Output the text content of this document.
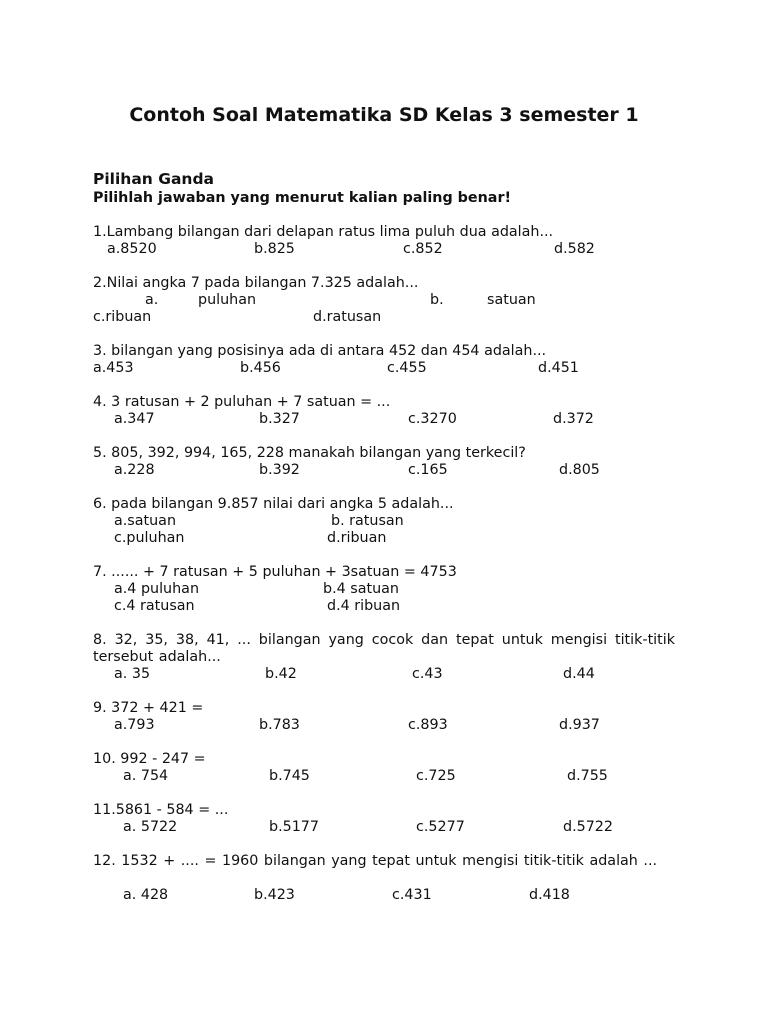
Contoh Soal Matematika SD Kelas 3 semester 1
Pilihan Ganda
Pilihlah jawaban yang menurut kalian paling benar!
1.Lambang bilangan dari delapan ratus lima puluh dua adalah...
a.8520	b.825	c.852	d.582
2.Nilai angka 7 pada bilangan 7.325 adalah...
a.	puluhan	b.	satuan
c.ribuan	d.ratusan
3. bilangan yang posisinya ada di antara 452 dan 454 adalah...
a.453	b.456	c.455	d.451
4. 3 ratusan + 2 puluhan + 7 satuan = ...
a.347	b.327	c.3270	d.372
5. 805, 392, 994, 165, 228 manakah bilangan yang terkecil?
a.228	b.392	c.165	d.805
6. pada bilangan 9.857 nilai dari angka 5 adalah...
a.satuan	b. ratusan
c.puluhan	d.ribuan
7. ...... + 7 ratusan + 5 puluhan + 3satuan = 4753
a.4 puluhan	b.4 satuan
c.4 ratusan	d.4 ribuan
8. 32, 35, 38, 41, ... bilangan yang cocok dan tepat untuk mengisi titik-titik tersebut adalah...
a. 35	b.42	c.43	d.44
9. 372 + 421 =
a.793	b.783	c.893	d.937
10. 992 - 247 =
a. 754	b.745	c.725	d.755
11.5861 - 584 = ...
a. 5722	b.5177	c.5277	d.5722
12. 1532 + .... = 1960 bilangan yang tepat untuk mengisi titik-titik adalah ...
a. 428	b.423	c.431	d.418
